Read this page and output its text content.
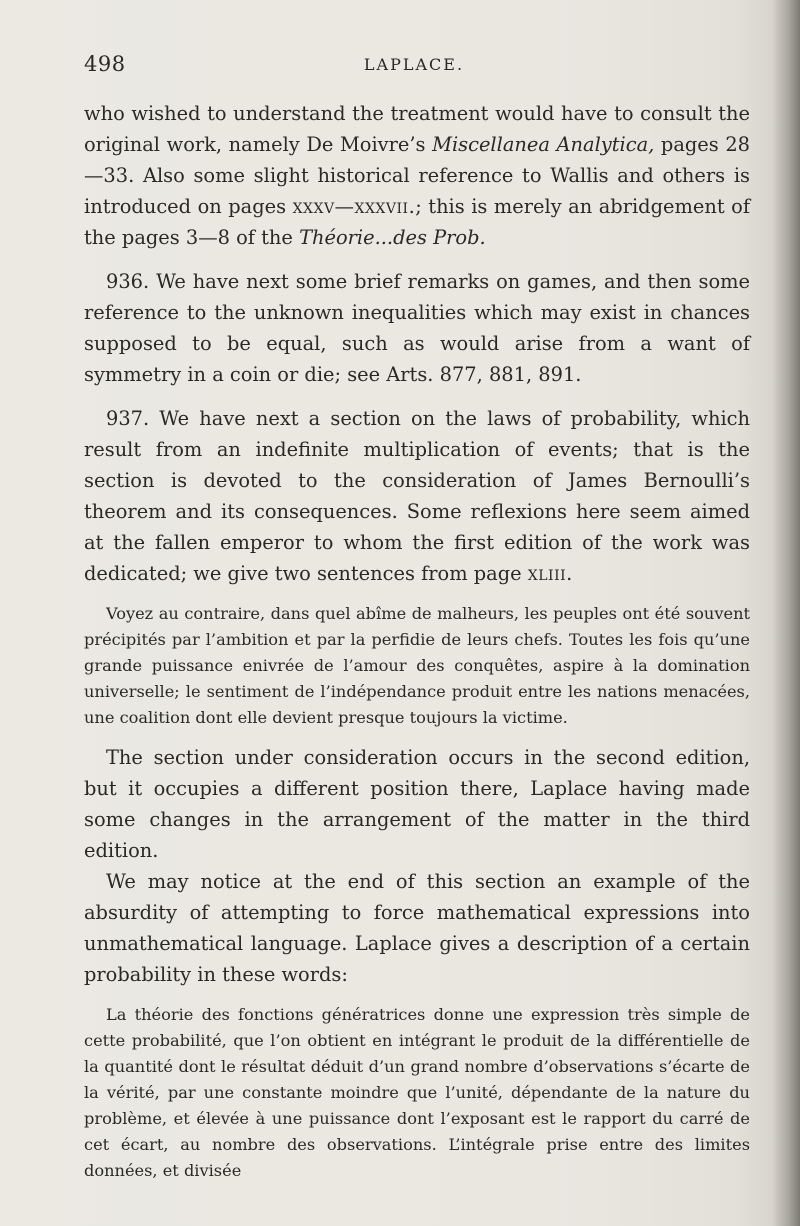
498	LAPLACE.

who wished to understand the treatment would have to consult the original work, namely De Moivre’s Miscellanea Analytica, pages 28—33. Also some slight historical reference to Wallis and others is introduced on pages xxxv—xxxvii.; this is merely an abridgement of the pages 3—8 of the Théorie...des Prob.

936. We have next some brief remarks on games, and then some reference to the unknown inequalities which may exist in chances supposed to be equal, such as would arise from a want of symmetry in a coin or die; see Arts. 877, 881, 891.

937. We have next a section on the laws of probability, which result from an indefinite multiplication of events; that is the section is devoted to the consideration of James Bernoulli’s theorem and its consequences. Some reflexions here seem aimed at the fallen emperor to whom the first edition of the work was dedicated; we give two sentences from page xliii.

Voyez au contraire, dans quel abîme de malheurs, les peuples ont été souvent précipités par l’ambition et par la perfidie de leurs chefs. Toutes les fois qu’une grande puissance enivrée de l’amour des conquêtes, aspire à la domination universelle; le sentiment de l’indépendance produit entre les nations menacées, une coalition dont elle devient presque toujours la victime.

The section under consideration occurs in the second edition, but it occupies a different position there, Laplace having made some changes in the arrangement of the matter in the third edition.

We may notice at the end of this section an example of the absurdity of attempting to force mathematical expressions into unmathematical language. Laplace gives a description of a certain probability in these words:

La théorie des fonctions génératrices donne une expression très simple de cette probabilité, que l’on obtient en intégrant le produit de la différentielle de la quantité dont le résultat déduit d’un grand nombre d’observations s’écarte de la vérité, par une constante moindre que l’unité, dépendante de la nature du problème, et élevée à une puissance dont l’exposant est le rapport du carré de cet écart, au nombre des observations. L’intégrale prise entre des limites données, et divisée
